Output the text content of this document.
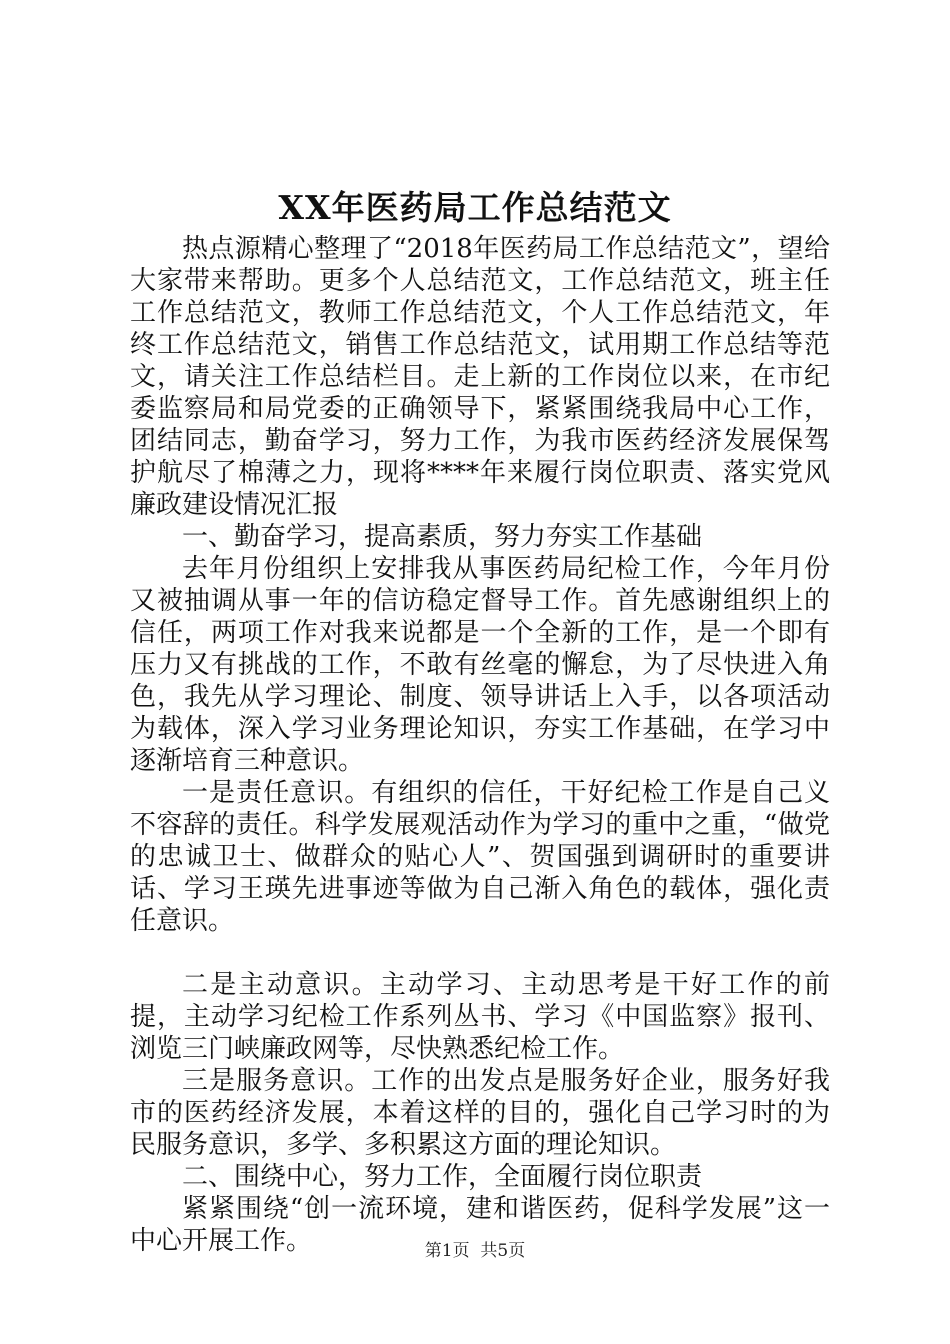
XX年医药局工作总结范文

热点源精心整理了“2018年医药局工作总结范文”，望给大家带来帮助。更多个人总结范文，工作总结范文，班主任工作总结范文，教师工作总结范文，个人工作总结范文，年终工作总结范文，销售工作总结范文，试用期工作总结等范文，请关注工作总结栏目。走上新的工作岗位以来，在市纪委监察局和局党委的正确领导下，紧紧围绕我局中心工作，团结同志，勤奋学习，努力工作，为我市医药经济发展保驾护航尽了棉薄之力，现将****年来履行岗位职责、落实党风廉政建设情况汇报

一、勤奋学习，提高素质，努力夯实工作基础

去年月份组织上安排我从事医药局纪检工作，今年月份又被抽调从事一年的信访稳定督导工作。首先感谢组织上的信任，两项工作对我来说都是一个全新的工作，是一个即有压力又有挑战的工作，不敢有丝毫的懈怠，为了尽快进入角色，我先从学习理论、制度、领导讲话上入手，以各项活动为载体，深入学习业务理论知识，夯实工作基础，在学习中逐渐培育三种意识。

一是责任意识。有组织的信任，干好纪检工作是自己义不容辞的责任。科学发展观活动作为学习的重中之重，“做党的忠诚卫士、做群众的贴心人”、贺国强到调研时的重要讲话、学习王瑛先进事迹等做为自己渐入角色的载体，强化责任意识。

二是主动意识。主动学习、主动思考是干好工作的前提，主动学习纪检工作系列丛书、学习《中国监察》报刊、浏览三门峡廉政网等，尽快熟悉纪检工作。

三是服务意识。工作的出发点是服务好企业，服务好我市的医药经济发展，本着这样的目的，强化自己学习时的为民服务意识，多学、多积累这方面的理论知识。

二、围绕中心，努力工作，全面履行岗位职责

紧紧围绕“创一流环境，建和谐医药，促科学发展”这一中心开展工作。	第1页 共5页
